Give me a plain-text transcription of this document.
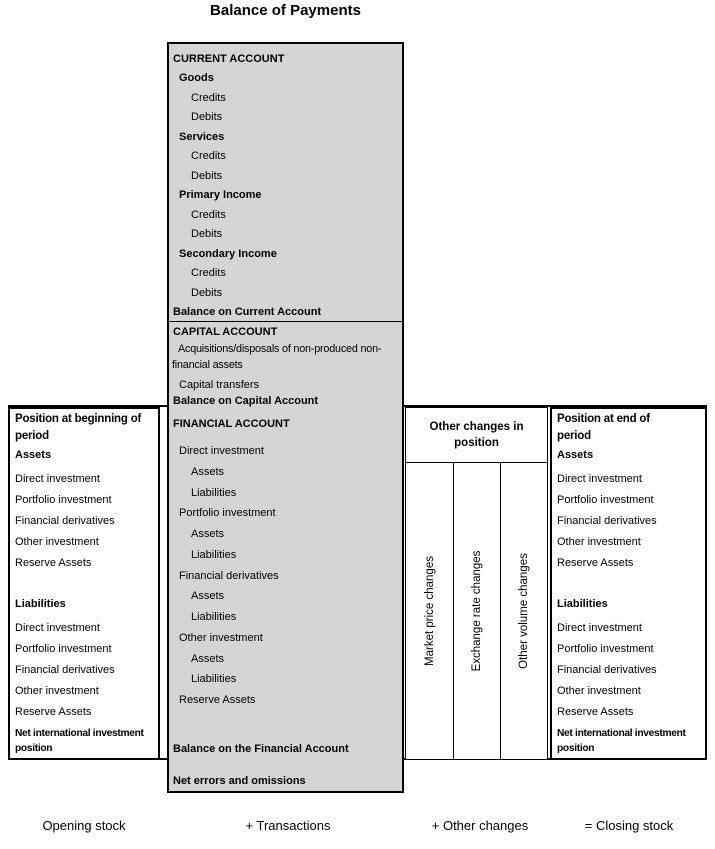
Balance of Payments
Position at beginning of period
Assets
Direct investment
Portfolio investment
Financial derivatives
Other investment
Reserve Assets
Liabilities
Direct investment
Portfolio investment
Financial derivatives
Other investment
Reserve Assets
Net international investment position
CURRENT ACCOUNT
Goods
Credits
Debits
Services
Credits
Debits
Primary Income
Credits
Debits
Secondary Income
Credits
Debits
Balance on Current Account
CAPITAL ACCOUNT
Acquisitions/disposals of non-produced non-financial assets
Capital transfers
Balance on Capital Account
FINANCIAL ACCOUNT
Direct investment
Assets
Liabilities
Portfolio investment
Assets
Liabilities
Financial derivatives
Assets
Liabilities
Other investment
Assets
Liabilities
Reserve Assets
Balance on the Financial Account
Net errors and omissions
Other changes in position
Market price changes	Exchange rate changes	Other volume changes
Position at end of period
Assets
Direct investment
Portfolio investment
Financial derivatives
Other investment
Reserve Assets
Liabilities
Direct investment
Portfolio investment
Financial derivatives
Other investment
Reserve Assets
Net international investment position
Opening stock	+ Transactions	+ Other changes	= Closing stock
